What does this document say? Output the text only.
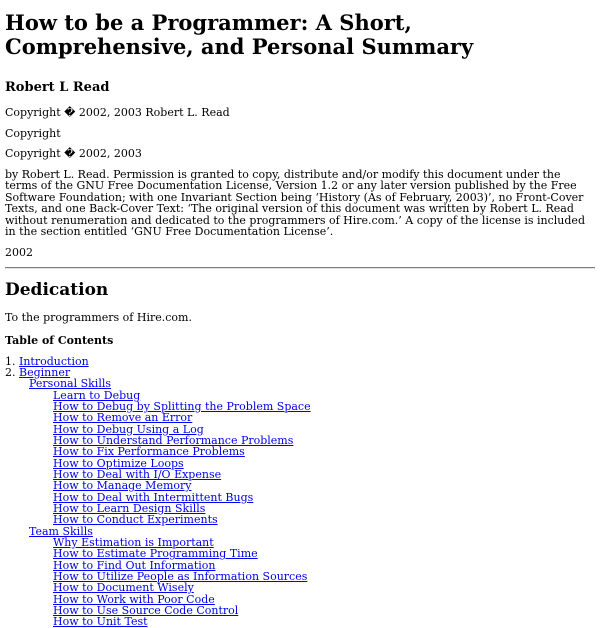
How to be a Programmer: A Short, Comprehensive, and Personal Summary
Robert L Read

Copyright � 2002, 2003 Robert L. Read

Copyright

Copyright � 2002, 2003

by Robert L. Read. Permission is granted to copy, distribute and/or modify this document under the terms of the GNU Free Documentation License, Version 1.2 or any later version published by the Free Software Foundation; with one Invariant Section being ‘History (As of February, 2003)’, no Front-Cover Texts, and one Back-Cover Text: ‘The original version of this document was written by Robert L. Read without renumeration and dedicated to the programmers of Hire.com.’ A copy of the license is included in the section entitled ‘GNU Free Documentation License’.

2002

Dedication

To the programmers of Hire.com.

Table of Contents
1. Introduction
2. Beginner
Personal Skills
Learn to Debug
How to Debug by Splitting the Problem Space
How to Remove an Error
How to Debug Using a Log
How to Understand Performance Problems
How to Fix Performance Problems
How to Optimize Loops
How to Deal with I/O Expense
How to Manage Memory
How to Deal with Intermittent Bugs
How to Learn Design Skills
How to Conduct Experiments
Team Skills
Why Estimation is Important
How to Estimate Programming Time
How to Find Out Information
How to Utilize People as Information Sources
How to Document Wisely
How to Work with Poor Code
How to Use Source Code Control
How to Unit Test
